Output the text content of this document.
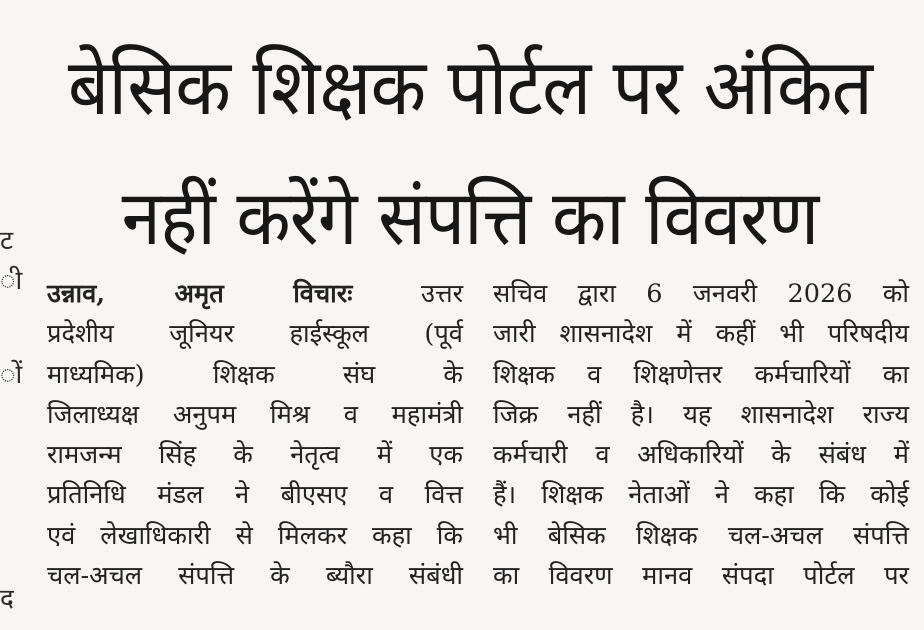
ट
ी
ों
द
बेसिक शिक्षक पोर्टल पर अंकित
नहीं करेंगे संपत्ति का विवरण
उन्नाव, अमृत विचारः	उत्तर
प्रदेशीय जूनियर हाईस्कूल (पूर्व
माध्यमिक) शिक्षक संघ के
जिलाध्यक्ष अनुपम मिश्र व महामंत्री
रामजन्म सिंह के नेतृत्व में एक
प्रतिनिधि मंडल ने बीएसए व वित्त
एवं लेखाधिकारी से मिलकर कहा कि
चल-अचल संपत्ति के ब्यौरा संबंधी
सचिव द्वारा 6 जनवरी 2026 को
जारी शासनादेश में कहीं भी परिषदीय
शिक्षक व शिक्षणेत्तर कर्मचारियों का
जिक्र नहीं है। यह शासनादेश राज्य
कर्मचारी व अधिकारियों के संबंध में
हैं। शिक्षक नेताओं ने कहा कि कोई
भी बेसिक शिक्षक चल-अचल संपत्ति
का विवरण मानव संपदा पोर्टल पर
